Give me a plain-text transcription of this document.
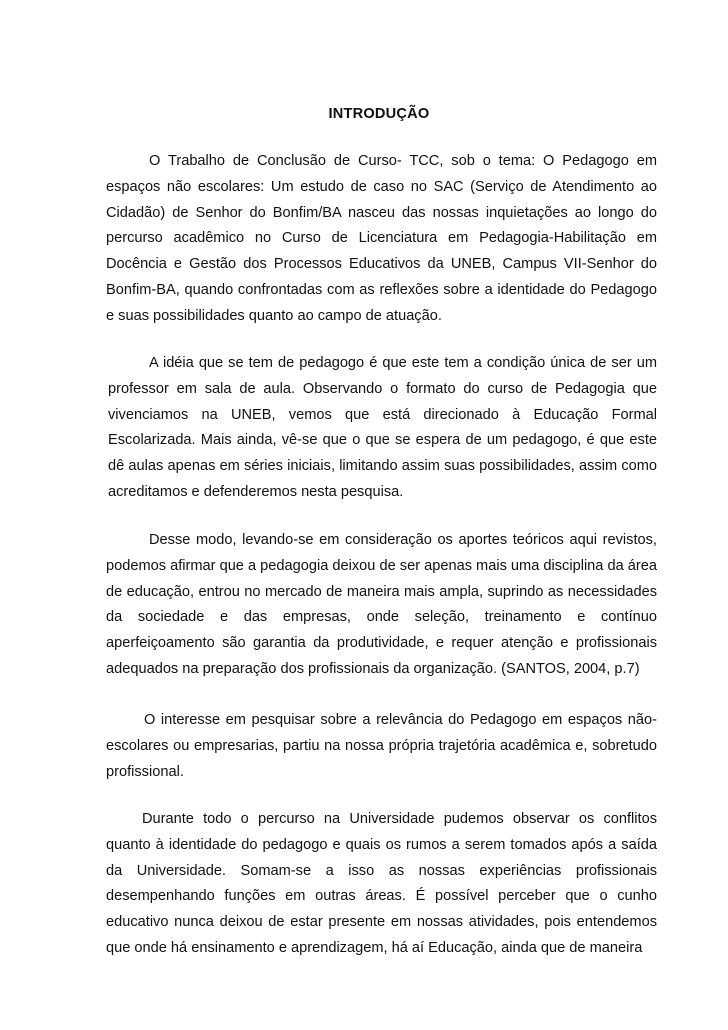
INTRODUÇÃO

O Trabalho de Conclusão de Curso- TCC, sob o tema: O Pedagogo em espaços não escolares: Um estudo de caso no SAC (Serviço de Atendimento ao Cidadão) de Senhor do Bonfim/BA nasceu das nossas inquietações ao longo do percurso acadêmico no Curso de Licenciatura em Pedagogia-Habilitação em Docência e Gestão dos Processos Educativos da UNEB, Campus VII-Senhor do Bonfim-BA, quando confrontadas com as reflexões sobre a identidade do Pedagogo e suas possibilidades quanto ao campo de atuação.

A idéia que se tem de pedagogo é que este tem a condição única de ser um professor em sala de aula. Observando o formato do curso de Pedagogia que vivenciamos na UNEB, vemos que está direcionado à Educação Formal Escolarizada. Mais ainda, vê-se que o que se espera de um pedagogo, é que este dê aulas apenas em séries iniciais, limitando assim suas possibilidades, assim como acreditamos e defenderemos nesta pesquisa.

Desse modo, levando-se em consideração os aportes teóricos aqui revistos, podemos afirmar que a pedagogia deixou de ser apenas mais uma disciplina da área de educação, entrou no mercado de maneira mais ampla, suprindo as necessidades da sociedade e das empresas, onde seleção, treinamento e contínuo aperfeiçoamento são garantia da produtividade, e requer atenção e profissionais adequados na preparação dos profissionais da organização. (SANTOS, 2004, p.7)

O interesse em pesquisar sobre a relevância do Pedagogo em espaços não-escolares ou empresarias, partiu na nossa própria trajetória acadêmica e, sobretudo profissional.

Durante todo o percurso na Universidade pudemos observar os conflitos quanto à identidade do pedagogo e quais os rumos a serem tomados após a saída da Universidade. Somam-se a isso as nossas experiências profissionais desempenhando funções em outras áreas. É possível perceber que o cunho educativo nunca deixou de estar presente em nossas atividades, pois entendemos que onde há ensinamento e aprendizagem, há aí Educação, ainda que de maneira
